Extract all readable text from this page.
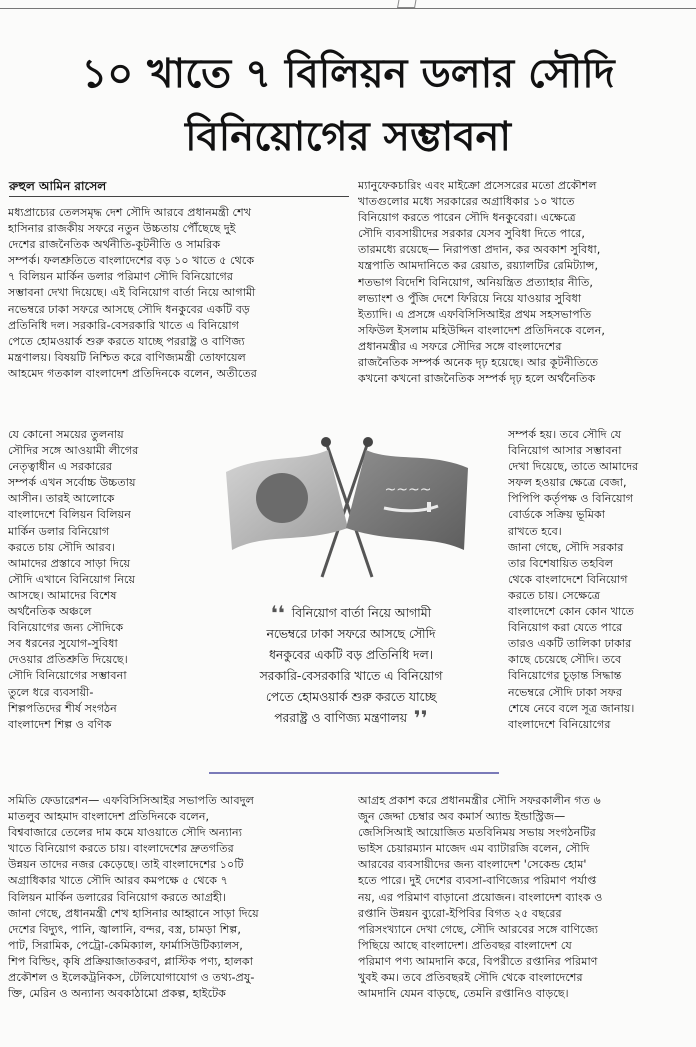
১০ খাতে ৭ বিলিয়ন ডলার সৌদি
বিনিয়োগের সম্ভাবনা
রুহুল আমিন রাসেল
মধ্যপ্রাচ্যের তেলসমৃদ্ধ দেশ সৌদি আরবে প্রধানমন্ত্রী শেখ
হাসিনার রাজকীয় সফরে নতুন উচ্চতায় পৌঁছেছে দুই
দেশের রাজনৈতিক অর্থনীতি-কূটনীতি ও সামরিক
সম্পর্ক। ফলশ্রুতিতে বাংলাদেশের বড় ১০ খাতে ৫ থেকে
৭ বিলিয়ন মার্কিন ডলার পরিমাণ সৌদি বিনিয়োগের
সম্ভাবনা দেখা দিয়েছে। এই বিনিয়োগ বার্তা নিয়ে আগামী
নভেম্বরে ঢাকা সফরে আসছে সৌদি ধনকুবের একটি বড়
প্রতিনিধি দল। সরকারি-বেসরকারি খাতে এ বিনিয়োগ
পেতে হোমওয়ার্ক শুরু করতে যাচ্ছে পররাষ্ট্র ও বাণিজ্য
মন্ত্রণালয়। বিষয়টি নিশ্চিত করে বাণিজ্যমন্ত্রী তোফায়েল
আহমেদ গতকাল বাংলাদেশ প্রতিদিনকে বলেন, অতীতের
ম্যানুফেকচারিং এবং মাইক্রো প্রসেসরের মতো প্রকৌশল
খাতগুলোর মধ্যে সরকারের অগ্রাধিকার ১০ খাতে
বিনিয়োগ করতে পারেন সৌদি ধনকুবেরা। এক্ষেত্রে
সৌদি ব্যবসায়ীদের সরকার যেসব সুবিধা দিতে পারে,
তারমধ্যে রয়েছে— নিরাপত্তা প্রদান, কর অবকাশ সুবিধা,
যন্ত্রপাতি আমদানিতে কর রেয়াত, রয়্যালটির রেমিট্যান্স,
শতভাগ বিদেশি বিনিয়োগ, অনিয়ন্ত্রিত প্রত্যাহার নীতি,
লভ্যাংশ ও পুঁজি দেশে ফিরিয়ে নিয়ে যাওয়ার সুবিধা
ইত্যাদি। এ প্রসঙ্গে এফবিসিসিআইর প্রথম সহসভাপতি
সফিউল ইসলাম মহিউদ্দিন বাংলাদেশ প্রতিদিনকে বলেন,
প্রধানমন্ত্রীর এ সফরে সৌদির সঙ্গে বাংলাদেশের
রাজনৈতিক সম্পর্ক অনেক দৃঢ় হয়েছে। আর কূটনীতিতে
কখনো কখনো রাজনৈতিক সম্পর্ক দৃঢ় হলে অর্থনৈতিক
যে কোনো সময়ের তুলনায়
সৌদির সঙ্গে আওয়ামী লীগের
নেতৃত্বাধীন এ সরকারের
সম্পর্ক এখন সর্বোচ্চ উচ্চতায়
আসীন। তারই আলোকে
বাংলাদেশে বিলিয়ন বিলিয়ন
মার্কিন ডলার বিনিয়োগ
করতে চায় সৌদি আরব।
আমাদের প্রস্তাবে সাড়া দিয়ে
সৌদি এখানে বিনিয়োগ নিয়ে
আসছে। আমাদের বিশেষ
অর্থনৈতিক অঞ্চলে
বিনিয়োগের জন্য সৌদিকে
সব ধরনের সুযোগ-সুবিধা
দেওয়ার প্রতিশ্রুতি দিয়েছে।
সৌদি বিনিয়োগের সম্ভাবনা
তুলে ধরে ব্যবসায়ী-
শিল্পপতিদের শীর্ষ সংগঠন
বাংলাদেশ শিল্প ও বণিক
সম্পর্ক হয়। তবে সৌদি যে
বিনিয়োগ আসার সম্ভাবনা
দেখা দিয়েছে, তাতে আমাদের
সফল হওয়ার ক্ষেত্রে বেজা,
পিপিপি কর্তৃপক্ষ ও বিনিয়োগ
বোর্ডকে সক্রিয় ভূমিকা
রাখতে হবে।
জানা গেছে, সৌদি সরকার
তার বিশেষায়িত তহবিল
থেকে বাংলাদেশে বিনিয়োগ
করতে চায়। সেক্ষেত্রে
বাংলাদেশে কোন কোন খাতে
বিনিয়োগ করা যেতে পারে
তারও একটি তালিকা ঢাকার
কাছে চেয়েছে সৌদি। তবে
বিনিয়োগের চূড়ান্ত সিদ্ধান্ত
নভেম্বরে সৌদি ঢাকা সফর
শেষে নেবে বলে সূত্র জানায়।
বাংলাদেশে বিনিয়োগের
সমিতি ফেডারেশন— এফবিসিসিআইর সভাপতি আবদুল
মাতলুব আহমাদ বাংলাদেশ প্রতিদিনকে বলেন,
বিশ্ববাজারে তেলের দাম কমে যাওয়াতে সৌদি অন্যান্য
খাতে বিনিয়োগ করতে চায়। বাংলাদেশের দ্রুতগতির
উন্নয়ন তাদের নজর কেড়েছে। তাই বাংলাদেশের ১০টি
অগ্রাধিকার খাতে সৌদি আরব কমপক্ষে ৫ থেকে ৭
বিলিয়ন মার্কিন ডলারের বিনিয়োগ করতে আগ্রহী।
জানা গেছে, প্রধানমন্ত্রী শেখ হাসিনার আহ্বানে সাড়া দিয়ে
দেশের বিদ্যুৎ, পানি, জ্বালানি, বন্দর, বস্ত্র, চামড়া শিল্প,
পাট, সিরামিক, পেট্রো-কেমিক্যাল, ফার্মাসিউটিক্যালস,
শিপ বিল্ডিং, কৃষি প্রক্রিয়াজাতকরণ, প্লাস্টিক পণ্য, হালকা
প্রকৌশল ও ইলেকট্রনিকস, টেলিযোগাযোগ ও তথ্য-প্রযু-
ক্তি, মেরিন ও অন্যান্য অবকাঠামো প্রকল্প, হাইটেক
আগ্রহ প্রকাশ করে প্রধানমন্ত্রীর সৌদি সফরকালীন গত ৬
জুন জেদ্দা চেম্বার অব কমার্স অ্যান্ড ইন্ডাস্ট্রিজ—
জেসিসিআই আয়োজিত মতবিনিময় সভায় সংগঠনটির
ভাইস চেয়ারম্যান মাজেদ এম ব্যাটারজি বলেন, সৌদি
আরবের ব্যবসায়ীদের জন্য বাংলাদেশ 'সেকেন্ড হোম'
হতে পারে। দুই দেশের ব্যবসা-বাণিজ্যের পরিমাণ পর্যাপ্ত
নয়, এর পরিমাণ বাড়ানো প্রয়োজন। বাংলাদেশ ব্যাংক ও
রপ্তানি উন্নয়ন ব্যুরো-ইপিবির বিগত ২৫ বছরের
পরিসংখ্যানে দেখা গেছে, সৌদি আরবের সঙ্গে বাণিজ্যে
পিছিয়ে আছে বাংলাদেশ। প্রতিবছর বাংলাদেশ যে
পরিমাণ পণ্য আমদানি করে, বিপরীতে রপ্তানির পরিমাণ
খুবই কম। তবে প্রতিবছরই সৌদি থেকে বাংলাদেশের
আমদানি যেমন বাড়ছে, তেমনি রপ্তানিও বাড়ছে।
~~~~
❛❛ বিনিয়োগ বার্তা নিয়ে আগামী
নভেম্বরে ঢাকা সফরে আসছে সৌদি
ধনকুবের একটি বড় প্রতিনিধি দল।
সরকারি-বেসরকারি খাতে এ বিনিয়োগ
পেতে হোমওয়ার্ক শুরু করতে যাচ্ছে
পররাষ্ট্র ও বাণিজ্য মন্ত্রণালয় ❜❜
